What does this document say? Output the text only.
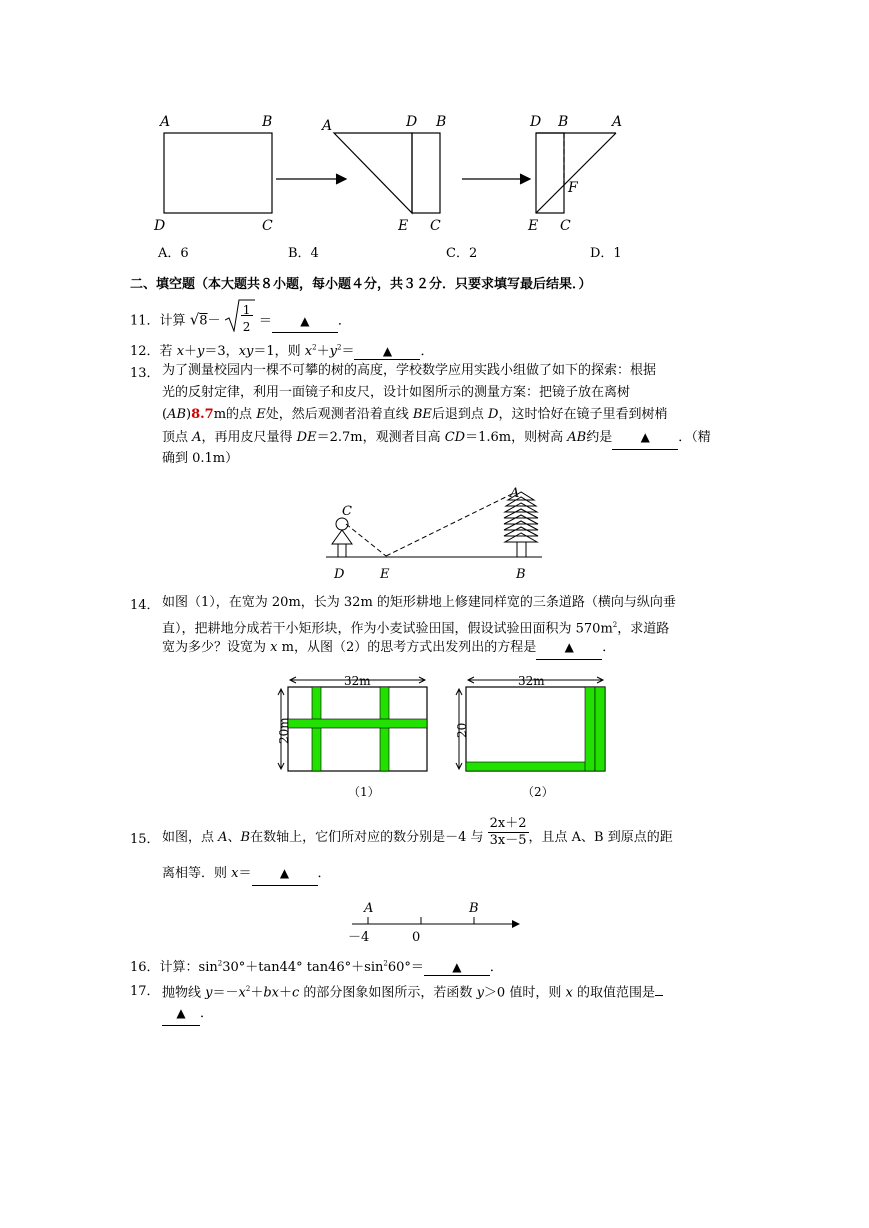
A	B
D	C
A	D B
E C
D B	A
F
E C
A．6	B．4	C．2	D．1
二、填空题（本大题共８小题，每小题４分，共３２分．只要求填写最后结果．）
11．计算 $√8- \frac{1}{2}$ ＝ ▲ ．
12．若 x＋y＝3，xy＝1，则 $x^2+y^2=$ ▲ ．
13． 为了测量校园内一棵不可攀的树的高度，学校数学应用实践小组做了如下的探索：根据
光的反射定律，利用一面镜子和皮尺，设计如图所示的测量方案：把镜子放在离树
(AB)8.7m的点 E处，然后观测者沿着直线 BE后退到点 D，这时恰好在镜子里看到树梢
顶点 A，再用皮尺量得 DE＝2.7m，观测者目高 CD＝1.6m，则树高 AB约是 ▲ ．（精
确到 0.1m）
C
A
D	E	B
14． 如图（1），在宽为 20m，长为 32m 的矩形耕地上修建同样宽的三条道路（横向与纵向垂
直），把耕地分成若干小矩形块，作为小麦试验田国，假设试验田面积为 $570m^2$，求道路
宽为多少？设宽为 x m，从图（2）的思考方式出发列出的方程是 ▲ ．
32m
20m
（1）
32m
20
（2）
15． 如图，点 A、B在数轴上，它们所对应的数分别是－4 与 $\frac{2x+2}{3x-5}$ ，且点 A、B 到原点的距
离相等．则 x＝ ▲ ．
A	B
－4	0
16．计算：$\sin^230^\circ+\tan 44^\circ$ $\tan 46^\circ+\sin^260^\circ=$ ▲ ．
17． 抛物线 $y=-x^2+bx+c$ 的部分图象如图所示，若函数 y＞0 值时，则 x 的取值范围是
▲ ．
